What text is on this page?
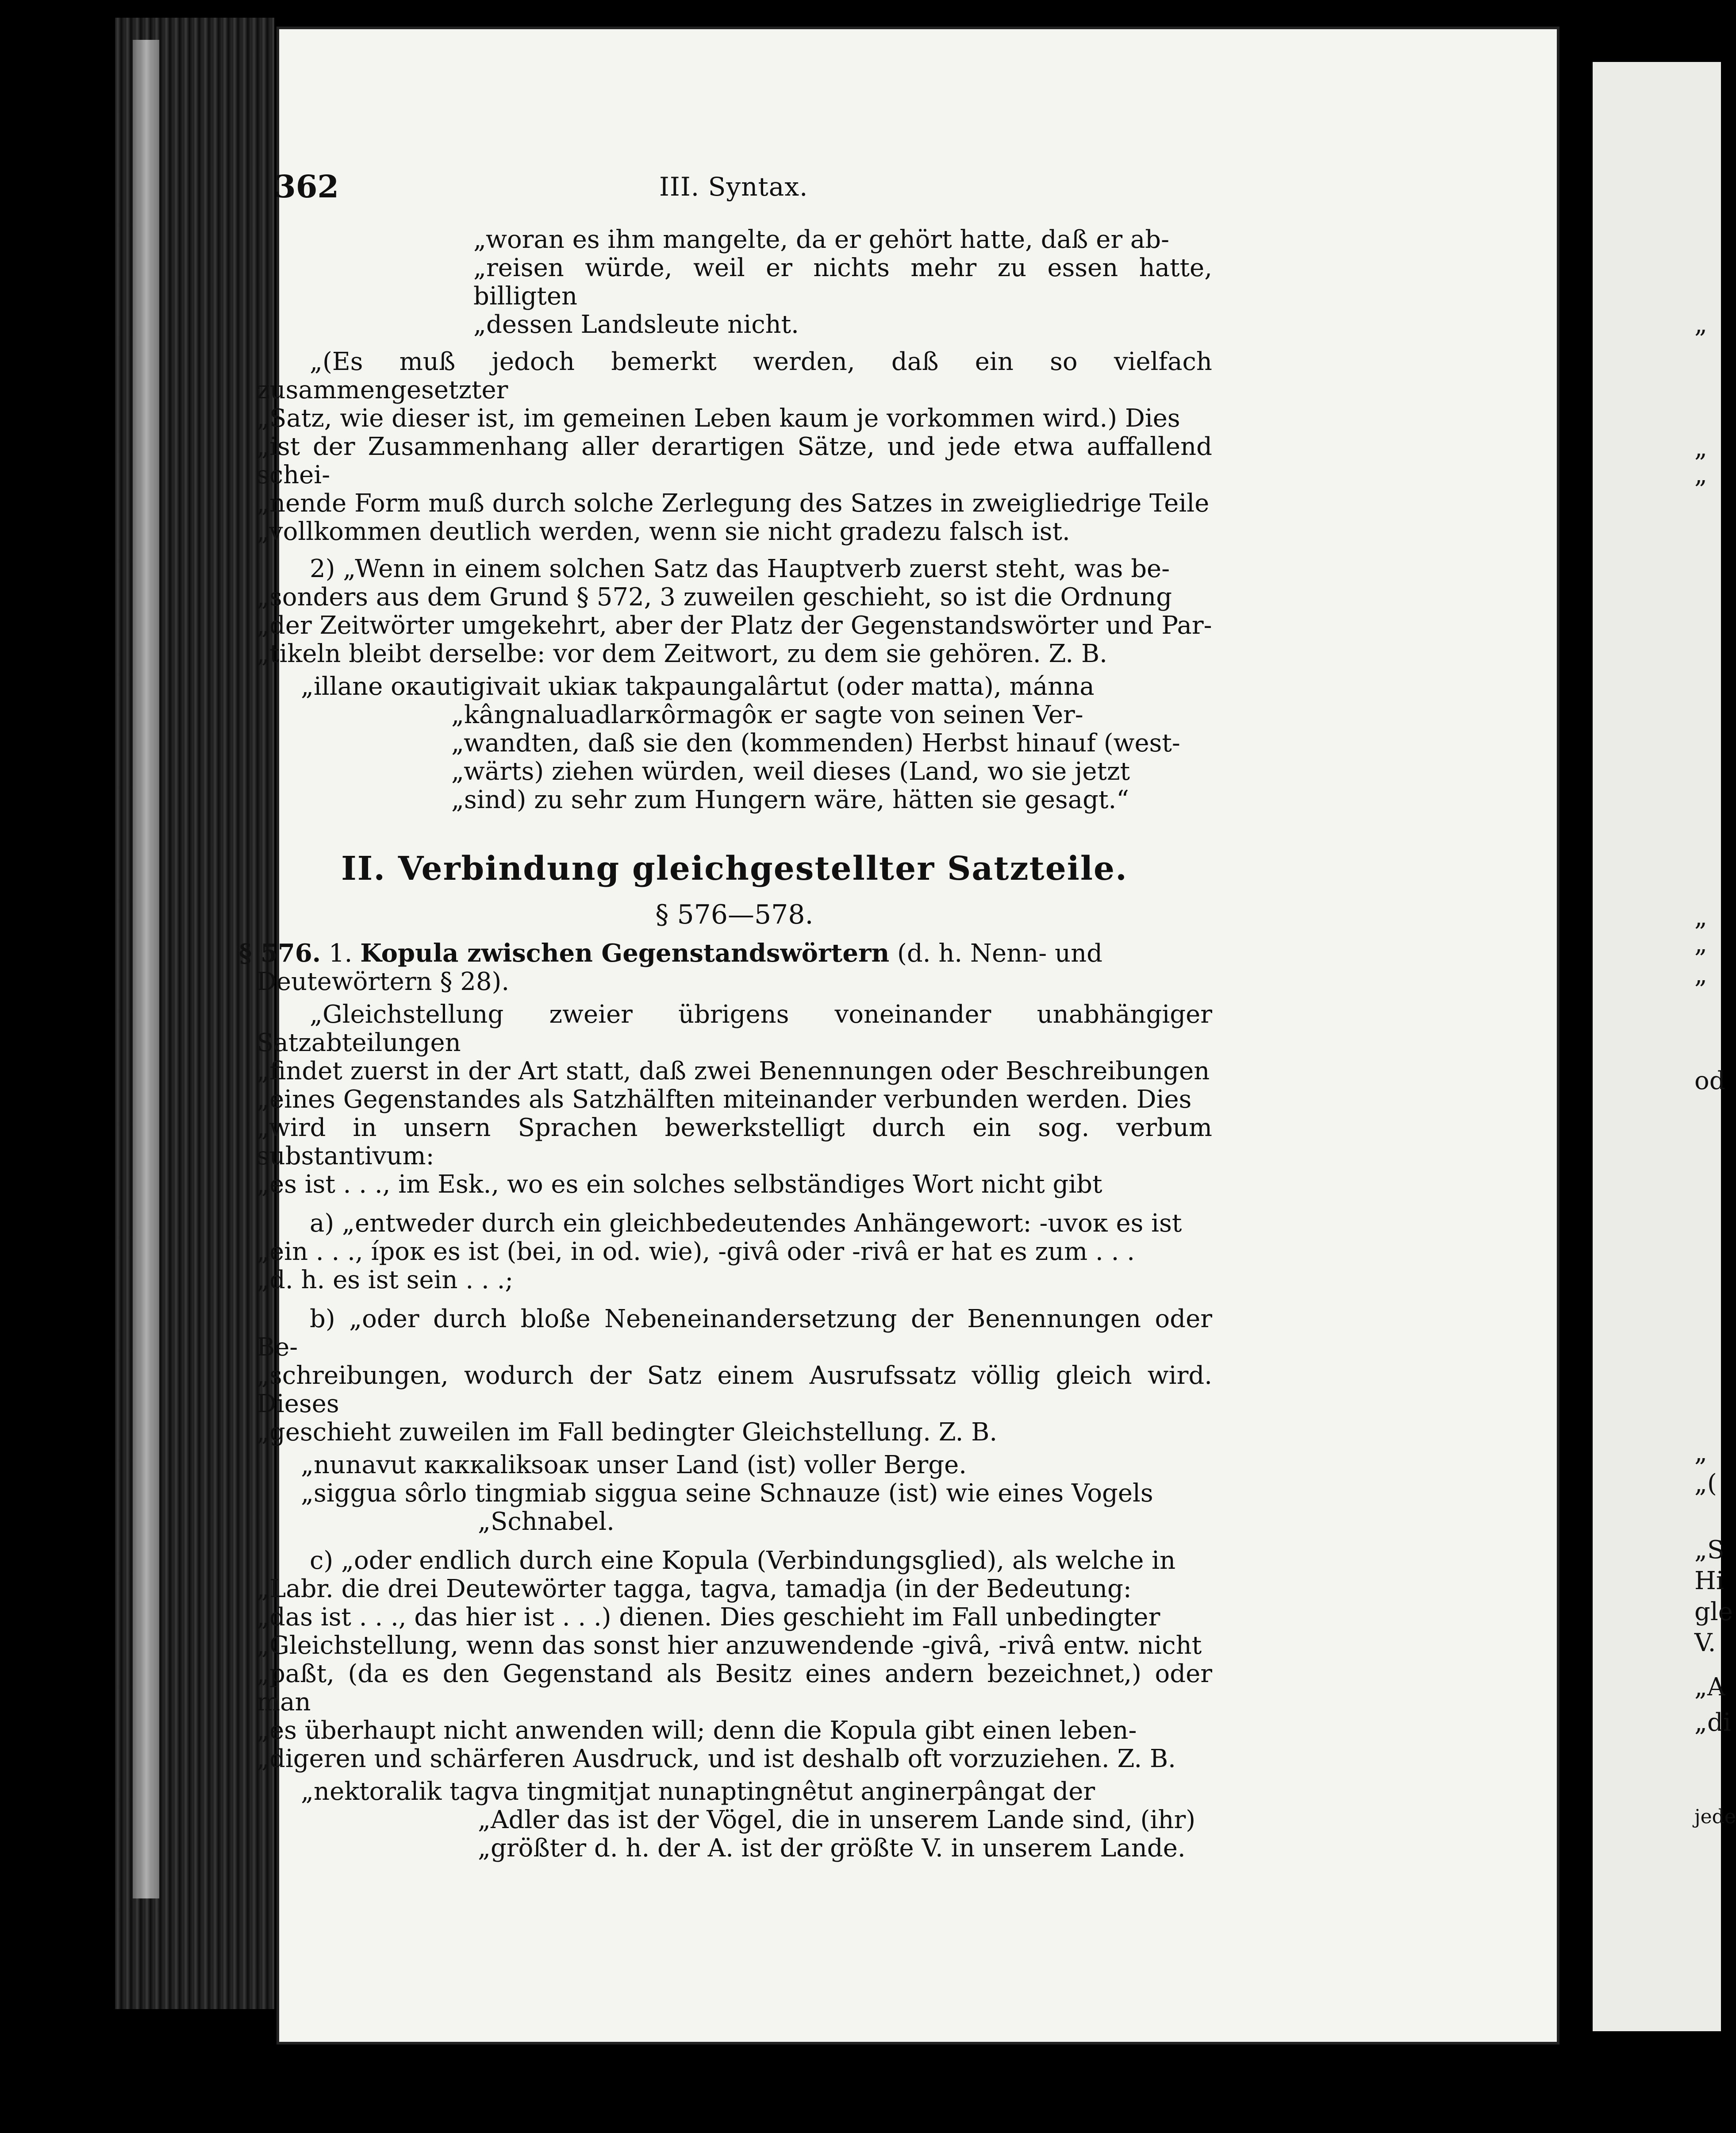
„
„
„
„
„
„
od
„
„(
„S
Hi
gle
V.
„A
„di
jede
362	III. Syntax.

„woran es ihm mangelte, da er gehört hatte, daß er ab-

„reisen würde, weil er nichts mehr zu essen hatte, billigten

„dessen Landsleute nicht.

„(Es muß jedoch bemerkt werden, daß ein so vielfach zusammengesetzter

„Satz, wie dieser ist, im gemeinen Leben kaum je vorkommen wird.) Dies

„ist der Zusammenhang aller derartigen Sätze, und jede etwa auffallend schei-

„nende Form muß durch solche Zerlegung des Satzes in zweigliedrige Teile

„vollkommen deutlich werden, wenn sie nicht gradezu falsch ist.

2) „Wenn in einem solchen Satz das Hauptverb zuerst steht, was be-

„sonders aus dem Grund § 572, 3 zuweilen geschieht, so ist die Ordnung

„der Zeitwörter umgekehrt, aber der Platz der Gegenstandswörter und Par-

„tikeln bleibt derselbe: vor dem Zeitwort, zu dem sie gehören. Z. B.

„illane oкautigivait ukiaк takpaungalârtut (oder matta), mánna

„kângnaluadlarкôrmagôк er sagte von seinen Ver-

„wandten, daß sie den (kommenden) Herbst hinauf (west-

„wärts) ziehen würden, weil dieses (Land, wo sie jetzt

„sind) zu sehr zum Hungern wäre, hätten sie gesagt.“

II. Verbindung gleichgestellter Satzteile.
§ 576—578.
§ 576. 1. Kopula zwischen Gegenstandswörtern (d. h. Nenn- und Deutewörtern § 28).

„Gleichstellung zweier übrigens voneinander unabhängiger Satzabteilungen

„findet zuerst in der Art statt, daß zwei Benennungen oder Beschreibungen

„eines Gegenstandes als Satzhälften miteinander verbunden werden. Dies

„wird in unsern Sprachen bewerkstelligt durch ein sog. verbum substantivum:

„es ist . . ., im Esk., wo es ein solches selbständiges Wort nicht gibt

a) „entweder durch ein gleichbedeutendes Anhängewort: -uvoк es ist

„ein . . ., ípoк es ist (bei, in od. wie), -givâ oder -rivâ er hat es zum . . .

„d. h. es ist sein . . .;

b) „oder durch bloße Nebeneinandersetzung der Benennungen oder Be-

„schreibungen, wodurch der Satz einem Ausrufssatz völlig gleich wird. Dieses

„geschieht zuweilen im Fall bedingter Gleichstellung. Z. B.

„nunavut кaккaliksoaк unser Land (ist) voller Berge.

„siggua sôrlo tingmiab siggua seine Schnauze (ist) wie eines Vogels

„Schnabel.

c) „oder endlich durch eine Kopula (Verbindungsglied), als welche in

„Labr. die drei Deutewörter tagga, tagva, tamadja (in der Bedeutung:

„das ist . . ., das hier ist . . .) dienen. Dies geschieht im Fall unbedingter

„Gleichstellung, wenn das sonst hier anzuwendende -givâ, -rivâ entw. nicht

„paßt, (da es den Gegenstand als Besitz eines andern bezeichnet,) oder man

„es überhaupt nicht anwenden will; denn die Kopula gibt einen leben-

„digeren und schärferen Ausdruck, und ist deshalb oft vorzuziehen. Z. B.

„nektoralik tagva tingmitjat nunaptingnêtut anginerpângat der

„Adler das ist der Vögel, die in unserem Lande sind, (ihr)

„größter d. h. der A. ist der größte V. in unserem Lande.
